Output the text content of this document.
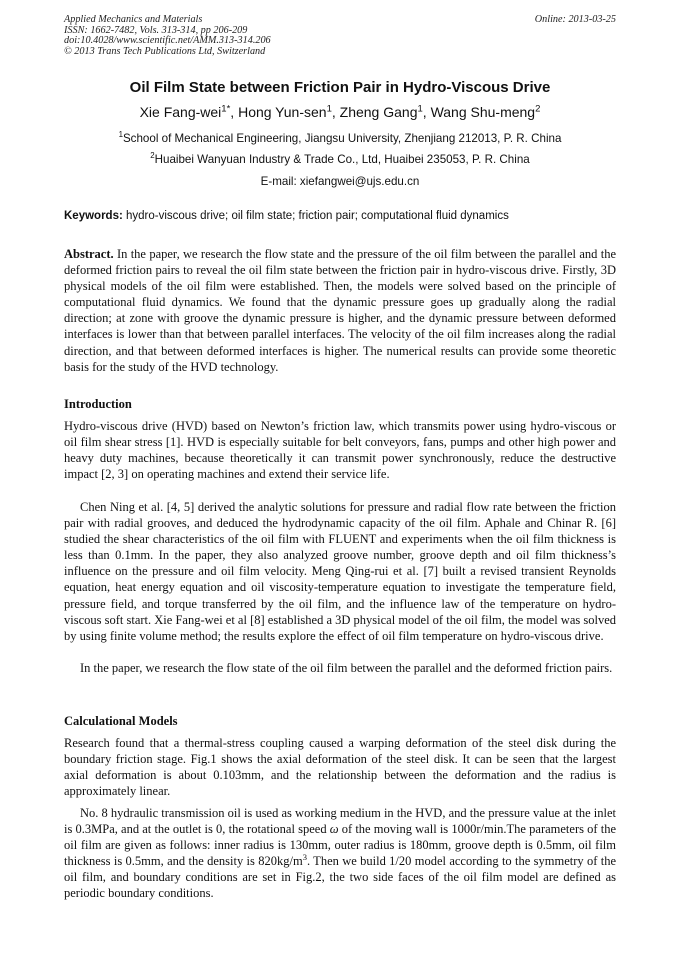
Applied Mechanics and Materials	Online: 2013-03-25
ISSN: 1662-7482, Vols. 313-314, pp 206-209
doi:10.4028/www.scientific.net/AMM.313-314.206
© 2013 Trans Tech Publications Ltd, Switzerland
Oil Film State between Friction Pair in Hydro-Viscous Drive
Xie Fang-wei$^{1*}$, Hong Yun-sen$^1$, Zheng Gang$^1$, Wang Shu-meng$^2$
$^1$School of Mechanical Engineering, Jiangsu University, Zhenjiang 212013, P. R. China
$^2$Huaibei Wanyuan Industry & Trade Co., Ltd, Huaibei 235053, P. R. China
E-mail: xiefangwei@ujs.edu.cn
Keywords: hydro-viscous drive; oil film state; friction pair; computational fluid dynamics

Abstract. In the paper, we research the flow state and the pressure of the oil film between the parallel and the deformed friction pairs to reveal the oil film state between the friction pair in hydro-viscous drive. Firstly, 3D physical models of the oil film were established. Then, the models were solved based on the principle of computational fluid dynamics. We found that the dynamic pressure goes up gradually along the radial direction; at zone with groove the dynamic pressure is higher, and the dynamic pressure between deformed interfaces is lower than that between parallel interfaces. The velocity of the oil film increases along the radial direction, and that between deformed interfaces is higher. The numerical results can provide some theoretic basis for the study of the HVD technology.

Introduction

Hydro-viscous drive (HVD) based on Newton’s friction law, which transmits power using hydro-viscous or oil film shear stress [1]. HVD is especially suitable for belt conveyors, fans, pumps and other high power and heavy duty machines, because theoretically it can transmit power synchronously, reduce the destructive impact [2, 3] on operating machines and extend their service life.

Chen Ning et al. [4, 5] derived the analytic solutions for pressure and radial flow rate between the friction pair with radial grooves, and deduced the hydrodynamic capacity of the oil film. Aphale and Chinar R. [6] studied the shear characteristics of the oil film with FLUENT and experiments when the oil film thickness is less than 0.1mm. In the paper, they also analyzed groove number, groove depth and oil film thickness’s influence on the pressure and oil film velocity. Meng Qing-rui et al. [7] built a revised transient Reynolds equation, heat energy equation and oil viscosity-temperature equation to investigate the temperature field, pressure field, and torque transferred by the oil film, and the influence law of the temperature on hydro-viscous soft start. Xie Fang-wei et al [8] established a 3D physical model of the oil film, the model was solved by using finite volume method; the results explore the effect of oil film temperature on hydro-viscous drive.

In the paper, we research the flow state of the oil film between the parallel and the deformed friction pairs.

Calculational Models

Research found that a thermal-stress coupling caused a warping deformation of the steel disk during the boundary friction stage. Fig.1 shows the axial deformation of the steel disk. It can be seen that the largest axial deformation is about 0.103mm, and the relationship between the deformation and the radius is approximately linear.

No. 8 hydraulic transmission oil is used as working medium in the HVD, and the pressure value at the inlet is 0.3MPa, and at the outlet is 0, the rotational speed ω of the moving wall is 1000r/min.The parameters of the oil film are given as follows: inner radius is 130mm, outer radius is 180mm, groove depth is 0.5mm, oil film thickness is 0.5mm, and the density is $820kg/m^3$. Then we build 1/20 model according to the symmetry of the oil film, and boundary conditions are set in Fig.2, the two side faces of the oil film model are defined as periodic boundary conditions.
